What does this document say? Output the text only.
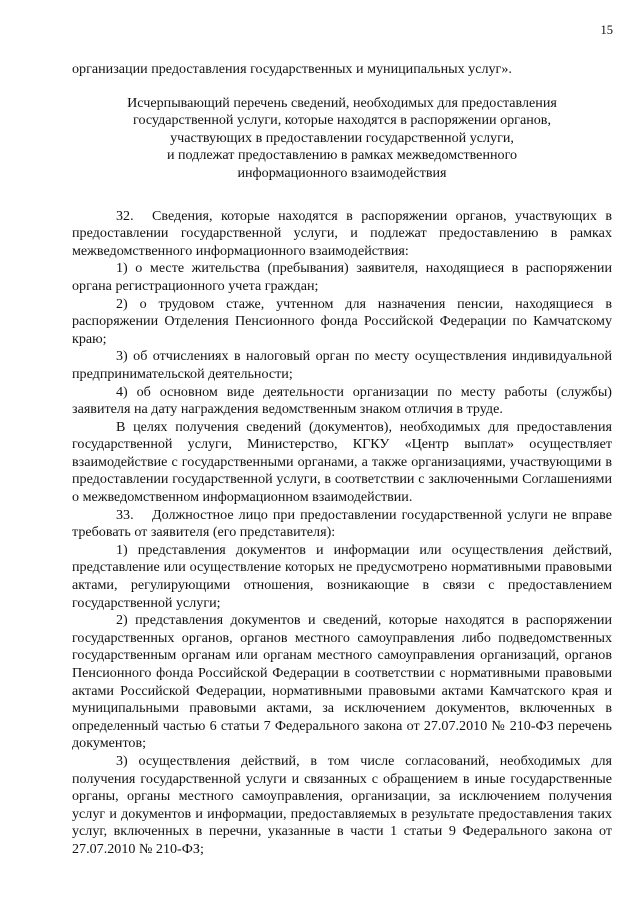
15

организации предоставления государственных и муниципальных услуг».

Исчерпывающий перечень сведений, необходимых для предоставления
государственной услуги, которые находятся в распоряжении органов,
участвующих в предоставлении государственной услуги,
и подлежат предоставлению в рамках межведомственного
информационного взаимодействия

32. Сведения, которые находятся в распоряжении органов, участвующих в предоставлении государственной услуги, и подлежат предоставлению в рамках межведомственного информационного взаимодействия:

1) о месте жительства (пребывания) заявителя, находящиеся в распоряжении органа регистрационного учета граждан;

2) о трудовом стаже, учтенном для назначения пенсии, находящиеся в распоряжении Отделения Пенсионного фонда Российской Федерации по Камчатскому краю;

3) об отчислениях в налоговый орган по месту осуществления индивидуальной предпринимательской деятельности;

4) об основном виде деятельности организации по месту работы (службы) заявителя на дату награждения ведомственным знаком отличия в труде.

В целях получения сведений (документов), необходимых для предоставления государственной услуги, Министерство, КГКУ «Центр выплат» осуществляет взаимодействие с государственными органами, а также организациями, участвующими в предоставлении государственной услуги, в соответствии с заключенными Соглашениями о межведомственном информационном взаимодействии.

33. Должностное лицо при предоставлении государственной услуги не вправе требовать от заявителя (его представителя):

1) представления документов и информации или осуществления действий, представление или осуществление которых не предусмотрено нормативными правовыми актами, регулирующими отношения, возникающие в связи с предоставлением государственной услуги;

2) представления документов и сведений, которые находятся в распоряжении государственных органов, органов местного самоуправления либо подведомственных государственным органам или органам местного самоуправления организаций, органов Пенсионного фонда Российской Федерации в соответствии с нормативными правовыми актами Российской Федерации, нормативными правовыми актами Камчатского края и муниципальными правовыми актами, за исключением документов, включенных в определенный частью 6 статьи 7 Федерального закона от 27.07.2010 № 210-ФЗ перечень документов;

3) осуществления действий, в том числе согласований, необходимых для получения государственной услуги и связанных с обращением в иные государственные органы, органы местного самоуправления, организации, за исключением получения услуг и документов и информации, предоставляемых в результате предоставления таких услуг, включенных в перечни, указанные в части 1 статьи 9 Федерального закона от 27.07.2010 № 210-ФЗ;
